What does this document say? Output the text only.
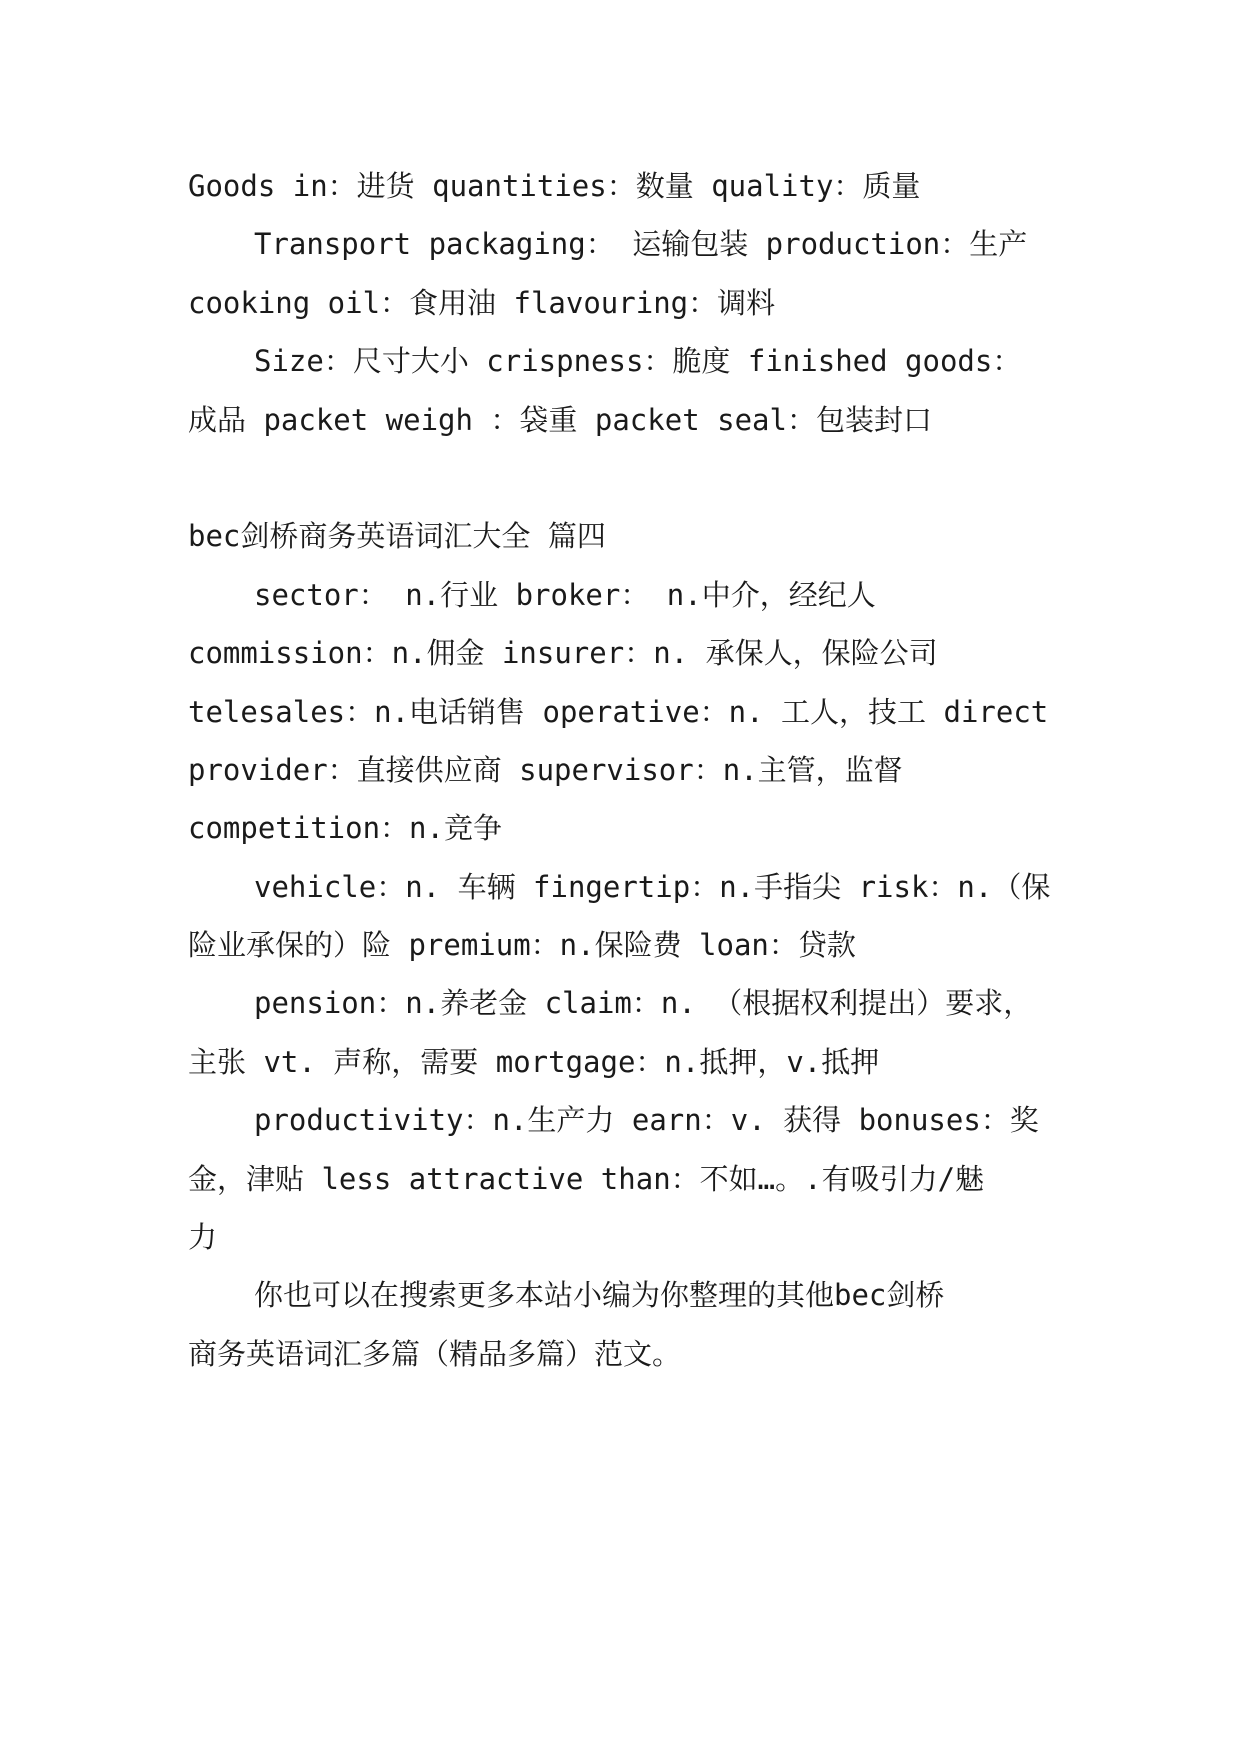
Goods in：进货 quantities：数量 quality：质量
Transport packaging： 运输包装 production：生产
cooking oil：食用油 flavouring：调料
Size：尺寸大小 crispness：脆度 finished goods：
成品 packet weigh ：袋重 packet seal：包装封口
bec剑桥商务英语词汇大全 篇四
sector： n.行业 broker： n.中介，经纪人
commission：n.佣金 insurer：n. 承保人，保险公司
telesales：n.电话销售 operative：n. 工人，技工 direct
provider：直接供应商 supervisor：n.主管，监督
competition：n.竞争
vehicle：n. 车辆 fingertip：n.手指尖 risk：n.（保
险业承保的）险 premium：n.保险费 loan：贷款
pension：n.养老金 claim：n. （根据权利提出）要求，
主张 vt. 声称，需要 mortgage：n.抵押，v.抵押
productivity：n.生产力 earn：v. 获得 bonuses：奖
金，津贴 less attractive than：不如…。.有吸引力/魅
力
你也可以在搜索更多本站小编为你整理的其他bec剑桥
商务英语词汇多篇（精品多篇）范文。
